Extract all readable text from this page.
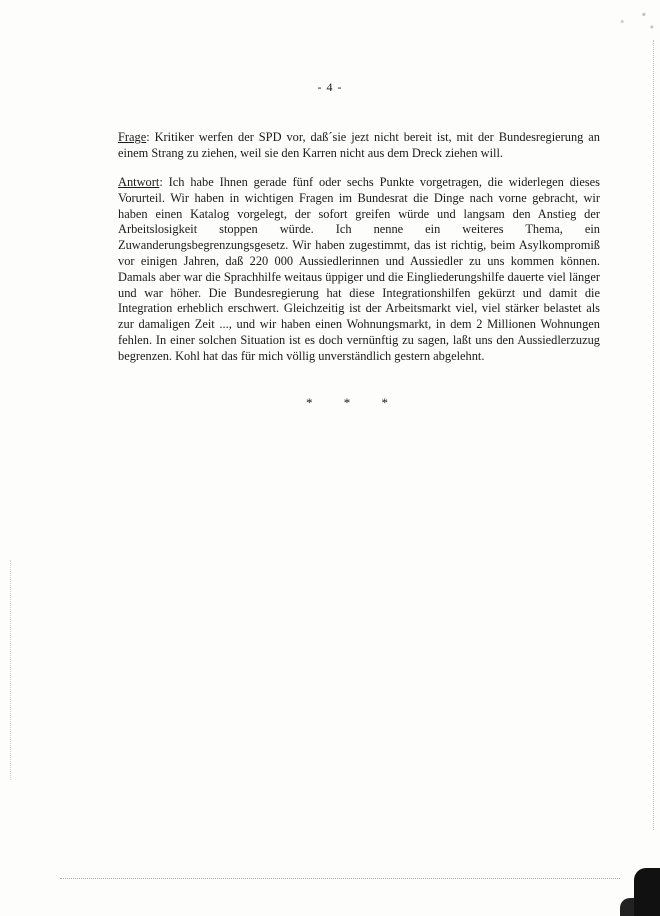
- 4 -
Frage: Kritiker werfen der SPD vor, daß´sie jezt nicht bereit ist, mit der Bundesregierung an einem Strang zu ziehen, weil sie den Karren nicht aus dem Dreck ziehen will.
Antwort: Ich habe Ihnen gerade fünf oder sechs Punkte vorgetragen, die widerlegen dieses Vorurteil. Wir haben in wichtigen Fragen im Bundesrat die Dinge nach vorne gebracht, wir haben einen Katalog vorgelegt, der sofort greifen würde und langsam den Anstieg der Arbeitslosigkeit stoppen würde. Ich nenne ein weiteres Thema, ein Zuwanderungsbegrenzungsgesetz. Wir haben zugestimmt, das ist richtig, beim Asylkompromiß vor einigen Jahren, daß 220 000 Aussiedlerinnen und Aussiedler zu uns kommen können. Damals aber war die Sprachhilfe weitaus üppiger und die Eingliederungshilfe dauerte viel länger und war höher. Die Bundesregierung hat diese Integrationshilfen gekürzt und damit die Integration erheblich erschwert. Gleichzeitig ist der Arbeitsmarkt viel, viel stärker belastet als zur damaligen Zeit ..., und wir haben einen Wohnungsmarkt, in dem 2 Millionen Wohnungen fehlen. In einer solchen Situation ist es doch vernünftig zu sagen, laßt uns den Aussiedlerzuzug begrenzen. Kohl hat das für mich völlig unverständlich gestern abgelehnt.
* * *
